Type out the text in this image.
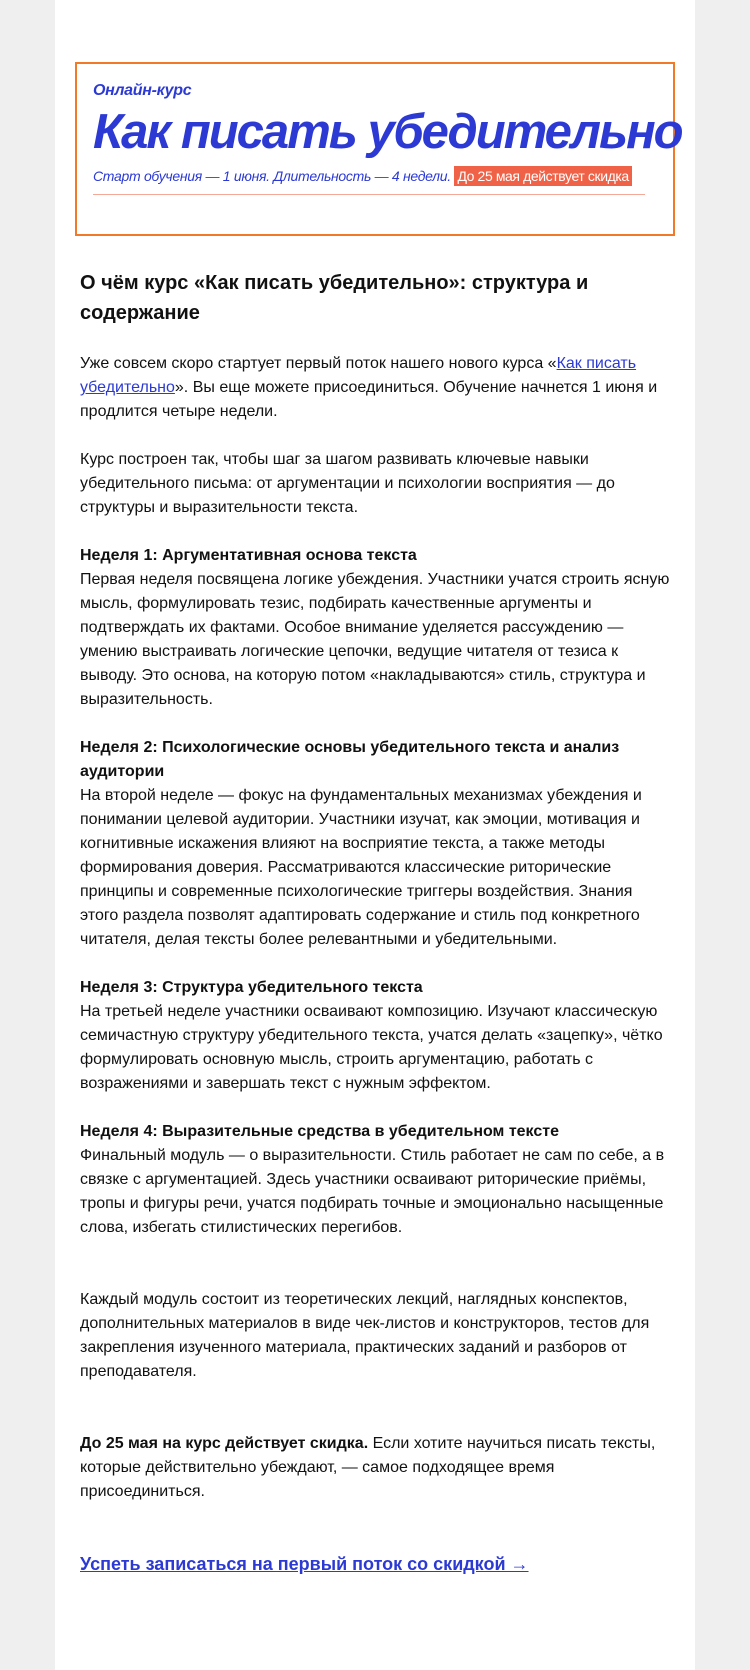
Онлайн-курс
Как писать убедительно
Старт обучения — 1 июня. Длительность — 4 недели. До 25 мая действует скидка
О чём курс «Как писать убедительно»: структура и содержание

Уже совсем скоро стартует первый поток нашего нового курса «Как писать убедительно». Вы еще можете присоединиться. Обучение начнется 1 июня и продлится четыре недели.

Курс построен так, чтобы шаг за шагом развивать ключевые навыки убедительного письма: от аргументации и психологии восприятия — до структуры и выразительности текста.

Неделя 1: Аргументативная основа текста
Первая неделя посвящена логике убеждения. Участники учатся строить ясную мысль, формулировать тезис, подбирать качественные аргументы и подтверждать их фактами. Особое внимание уделяется рассуждению — умению выстраивать логические цепочки, ведущие читателя от тезиса к выводу. Это основа, на которую потом «накладываются» стиль, структура и выразительность.

Неделя 2: Психологические основы убедительного текста и анализ аудитории
На второй неделе — фокус на фундаментальных механизмах убеждения и понимании целевой аудитории. Участники изучат, как эмоции, мотивация и когнитивные искажения влияют на восприятие текста, а также методы формирования доверия. Рассматриваются классические риторические принципы и современные психологические триггеры воздействия. Знания этого раздела позволят адаптировать содержание и стиль под конкретного читателя, делая тексты более релевантными и убедительными.

Неделя 3: Структура убедительного текста
На третьей неделе участники осваивают композицию. Изучают классическую семичастную структуру убедительного текста, учатся делать «зацепку», чётко формулировать основную мысль, строить аргументацию, работать с возражениями и завершать текст с нужным эффектом.

Неделя 4: Выразительные средства в убедительном тексте
Финальный модуль — о выразительности. Стиль работает не сам по себе, а в связке с аргументацией. Здесь участники осваивают риторические приёмы, тропы и фигуры речи, учатся подбирать точные и эмоционально насыщенные слова, избегать стилистических перегибов.

Каждый модуль состоит из теоретических лекций, наглядных конспектов, дополнительных материалов в виде чек-листов и конструкторов, тестов для закрепления изученного материала, практических заданий и разборов от преподавателя.

До 25 мая на курс действует скидка. Если хотите научиться писать тексты, которые действительно убеждают, — самое подходящее время присоединиться.

Успеть записаться на первый поток со скидкой →
